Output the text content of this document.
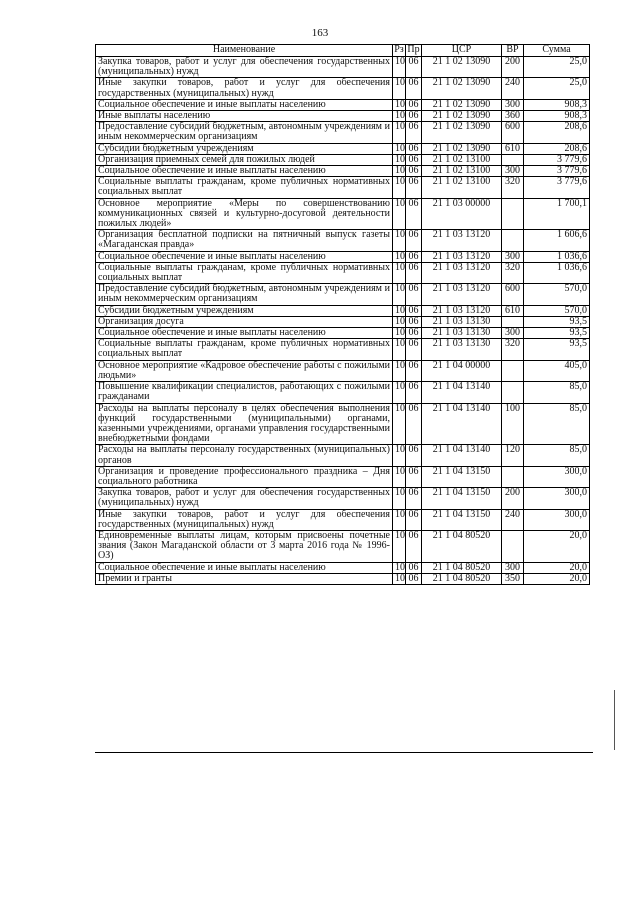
163
Наименование	Рз	Пр	ЦСР	ВР	Сумма
Закупка товаров, работ и услуг для обеспечения государственных (муниципальных) нужд	10	06	21 1 02 13090	200	25,0
Иные закупки товаров, работ и услуг для обеспечения государственных (муниципальных) нужд	10	06	21 1 02 13090	240	25,0
Социальное обеспечение и иные выплаты населению	10	06	21 1 02 13090	300	908,3
Иные выплаты населению	10	06	21 1 02 13090	360	908,3
Предоставление субсидий бюджетным, автономным учреждениям и иным некоммерческим организациям	10	06	21 1 02 13090	600	208,6
Субсидии бюджетным учреждениям	10	06	21 1 02 13090	610	208,6
Организация приемных семей для пожилых людей	10	06	21 1 02 13100		3 779,6
Социальное обеспечение и иные выплаты населению	10	06	21 1 02 13100	300	3 779,6
Социальные выплаты гражданам, кроме публичных нормативных социальных выплат	10	06	21 1 02 13100	320	3 779,6
Основное мероприятие «Меры по совершенствованию коммуникационных связей и культурно-досуговой деятельности пожилых людей»	10	06	21 1 03 00000		1 700,1
Организация бесплатной подписки на пятничный выпуск газеты «Магаданская правда»	10	06	21 1 03 13120		1 606,6
Социальное обеспечение и иные выплаты населению	10	06	21 1 03 13120	300	1 036,6
Социальные выплаты гражданам, кроме публичных нормативных социальных выплат	10	06	21 1 03 13120	320	1 036,6
Предоставление субсидий бюджетным, автономным учреждениям и иным некоммерческим организациям	10	06	21 1 03 13120	600	570,0
Субсидии бюджетным учреждениям	10	06	21 1 03 13120	610	570,0
Организация досуга	10	06	21 1 03 13130		93,5
Социальное обеспечение и иные выплаты населению	10	06	21 1 03 13130	300	93,5
Социальные выплаты гражданам, кроме публичных нормативных социальных выплат	10	06	21 1 03 13130	320	93,5
Основное мероприятие «Кадровое обеспечение работы с пожилыми людьми»	10	06	21 1 04 00000		405,0
Повышение квалификации специалистов, работающих с пожилыми гражданами	10	06	21 1 04 13140		85,0
Расходы на выплаты персоналу в целях обеспечения выполнения функций государственными (муниципальными) органами, казенными учреждениями, органами управления государственными внебюджетными фондами	10	06	21 1 04 13140	100	85,0
Расходы на выплаты персоналу государственных (муниципальных) органов	10	06	21 1 04 13140	120	85,0
Организация и проведение профессионального праздника – Дня социального работника	10	06	21 1 04 13150		300,0
Закупка товаров, работ и услуг для обеспечения государственных (муниципальных) нужд	10	06	21 1 04 13150	200	300,0
Иные закупки товаров, работ и услуг для обеспечения государственных (муниципальных) нужд	10	06	21 1 04 13150	240	300,0
Единовременные выплаты лицам, которым присвоены почетные звания (Закон Магаданской области от 3 марта 2016 года № 1996-ОЗ)	10	06	21 1 04 80520		20,0
Социальное обеспечение и иные выплаты населению	10	06	21 1 04 80520	300	20,0
Премии и гранты	10	06	21 1 04 80520	350	20,0
